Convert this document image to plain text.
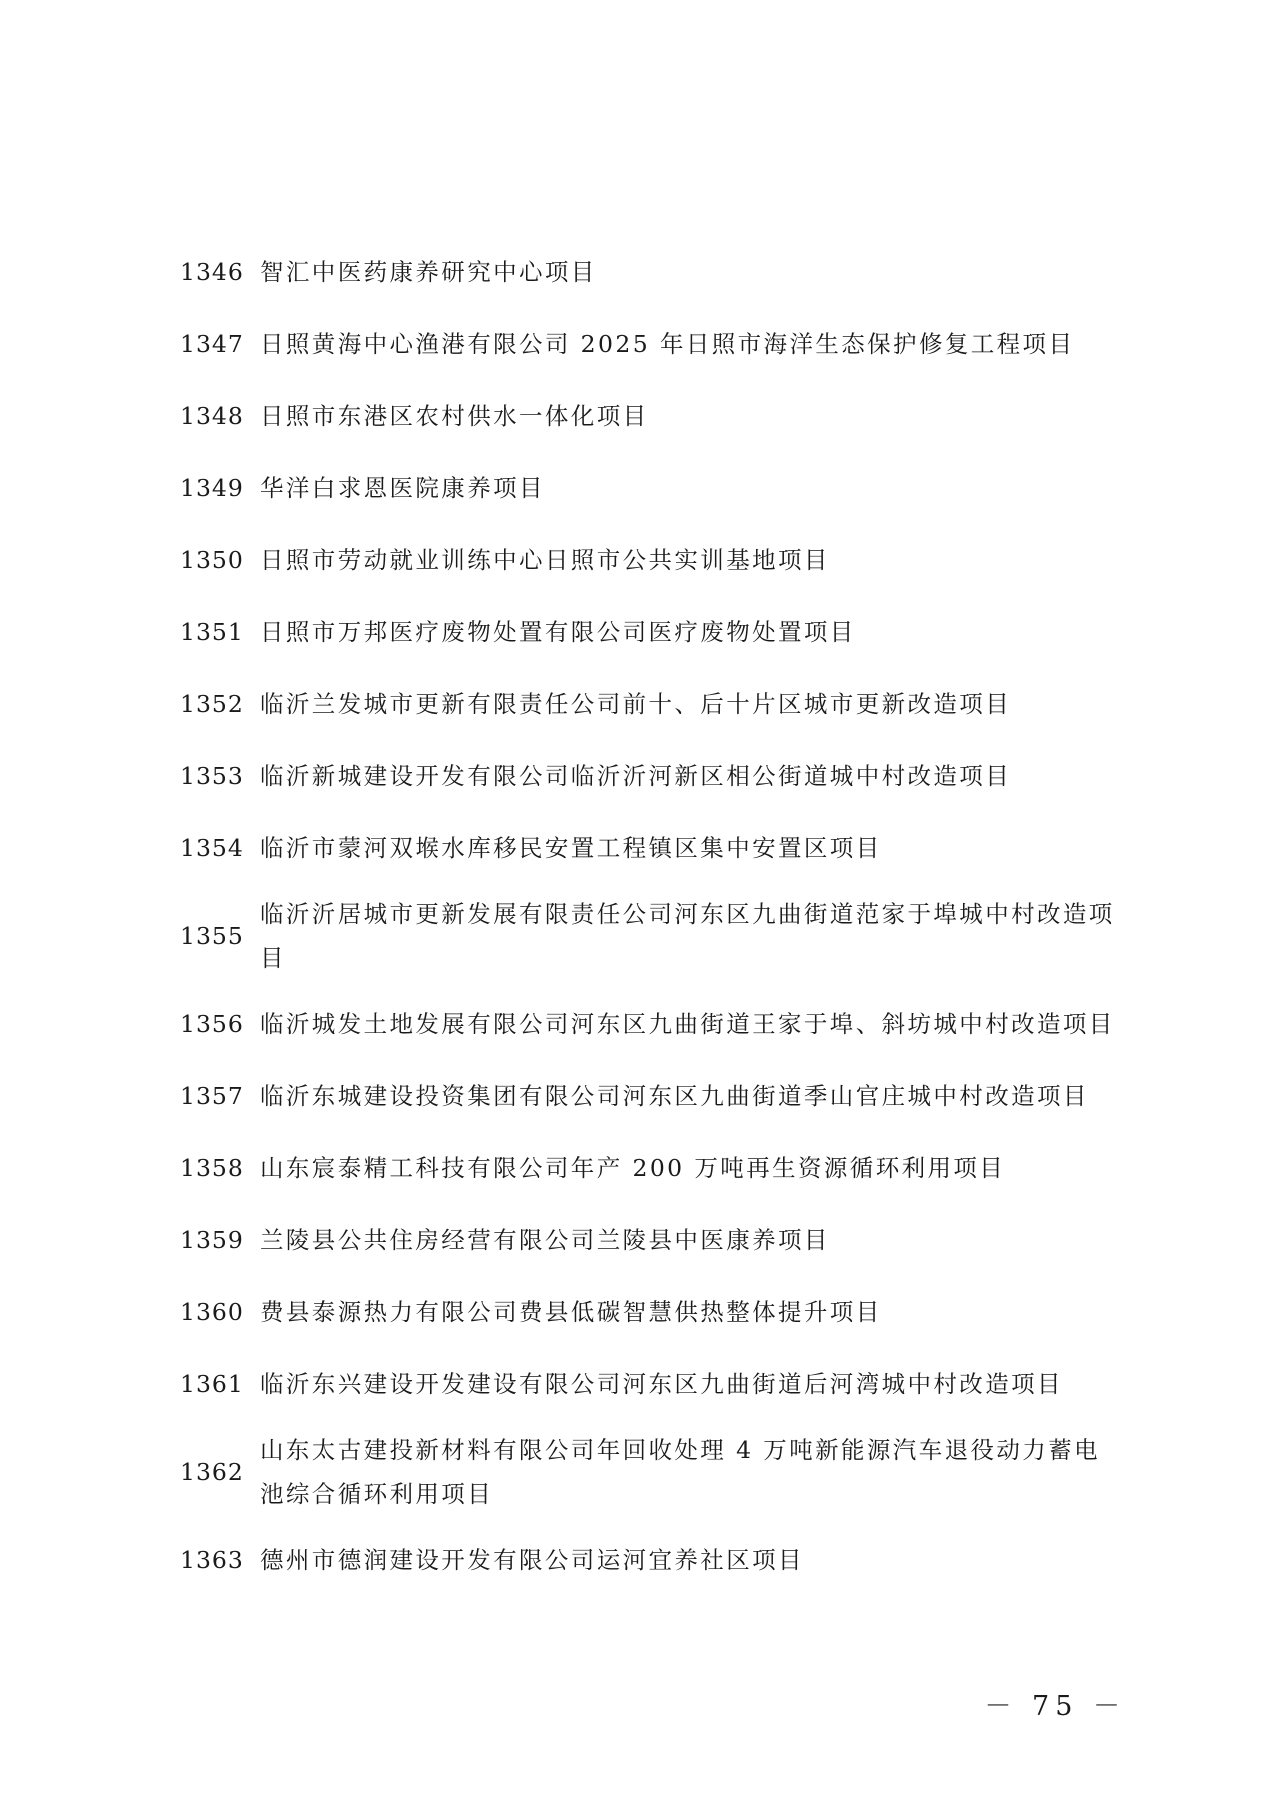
1346 智汇中医药康养研究中心项目
1347 日照黄海中心渔港有限公司 2025 年日照市海洋生态保护修复工程项目
1348 日照市东港区农村供水一体化项目
1349 华洋白求恩医院康养项目
1350 日照市劳动就业训练中心日照市公共实训基地项目
1351 日照市万邦医疗废物处置有限公司医疗废物处置项目
1352 临沂兰发城市更新有限责任公司前十、后十片区城市更新改造项目
1353 临沂新城建设开发有限公司临沂沂河新区相公街道城中村改造项目
1354 临沂市蒙河双堠水库移民安置工程镇区集中安置区项目
1355
临沂沂居城市更新发展有限责任公司河东区九曲街道范家于埠城中村改造项目
1356 临沂城发土地发展有限公司河东区九曲街道王家于埠、斜坊城中村改造项目
1357 临沂东城建设投资集团有限公司河东区九曲街道季山官庄城中村改造项目
1358 山东宸泰精工科技有限公司年产 200 万吨再生资源循环利用项目
1359 兰陵县公共住房经营有限公司兰陵县中医康养项目
1360 费县泰源热力有限公司费县低碳智慧供热整体提升项目
1361 临沂东兴建设开发建设有限公司河东区九曲街道后河湾城中村改造项目
1362
山东太古建投新材料有限公司年回收处理 4 万吨新能源汽车退役动力蓄电池综合循环利用项目
1363 德州市德润建设开发有限公司运河宜养社区项目
－ 75 －
